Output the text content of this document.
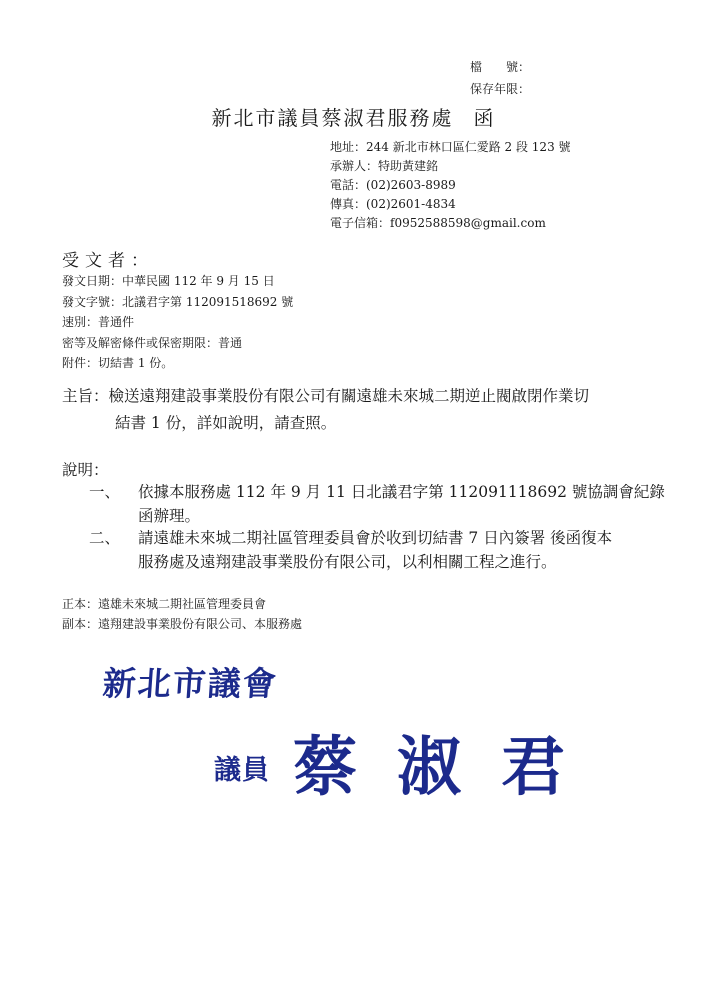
檔　　號：
保存年限：
新北市議員蔡淑君服務處 函
地址：244 新北市林口區仁愛路 2 段 123 號
承辦人：特助黃建銘
電話：(02)2603-8989
傳真：(02)2601-4834
電子信箱：f0952588598@gmail.com
受文者：
發文日期：中華民國 112 年 9 月 15 日
發文字號：北議君字第 112091518692 號
速別：普通件
密等及解密條件或保密期限：普通
附件：切結書 1 份。
主旨：檢送遠翔建設事業股份有限公司有關遠雄未來城二期逆止閥啟閉作業切
結書 1 份，詳如說明，請查照。
說明：
一、 依據本服務處 112 年 9 月 11 日北議君字第 112091118692 號協調會紀錄
函辦理。
二、 請遠雄未來城二期社區管理委員會於收到切結書 7 日內簽署 後函復本
服務處及遠翔建設事業股份有限公司，以利相關工程之進行。
正本：遠雄未來城二期社區管理委員會
副本：遠翔建設事業股份有限公司、本服務處
新北市議會
議員 蔡淑君
